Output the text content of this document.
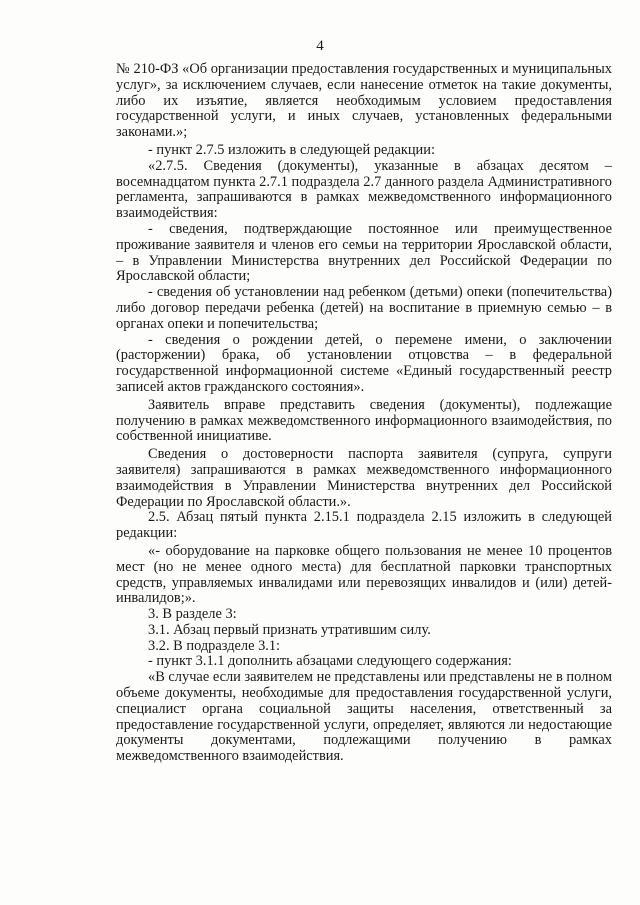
4

№ 210-ФЗ «Об организации предоставления государственных и муниципальных услуг», за исключением случаев, если нанесение отметок на такие документы, либо их изъятие, является необходимым условием предоставления государственной услуги, и иных случаев, установленных федеральными законами.»;

- пункт 2.7.5 изложить в следующей редакции:

«2.7.5. Сведения (документы), указанные в абзацах десятом – восемнадцатом пункта 2.7.1 подраздела 2.7 данного раздела Административного регламента, запрашиваются в рамках межведомственного информационного взаимодействия:

- сведения, подтверждающие постоянное или преимущественное проживание заявителя и членов его семьи на территории Ярославской области, – в Управлении Министерства внутренних дел Российской Федерации по Ярославской области;

- сведения об установлении над ребенком (детьми) опеки (попечительства) либо договор передачи ребенка (детей) на воспитание в приемную семью – в органах опеки и попечительства;

- сведения о рождении детей, о перемене имени, о заключении (расторжении) брака, об установлении отцовства – в федеральной государственной информационной системе «Единый государственный реестр записей актов гражданского состояния».

Заявитель вправе представить сведения (документы), подлежащие получению в рамках межведомственного информационного взаимодействия, по собственной инициативе.

Сведения о достоверности паспорта заявителя (супруга, супруги заявителя) запрашиваются в рамках межведомственного информационного взаимодействия в Управлении Министерства внутренних дел Российской Федерации по Ярославской области.».

2.5. Абзац пятый пункта 2.15.1 подраздела 2.15 изложить в следующей редакции:

«- оборудование на парковке общего пользования не менее 10 процентов мест (но не менее одного места) для бесплатной парковки транспортных средств, управляемых инвалидами или перевозящих инвалидов и (или) детей-инвалидов;».

3. В разделе 3:

3.1. Абзац первый признать утратившим силу.

3.2. В подразделе 3.1:

- пункт 3.1.1 дополнить абзацами следующего содержания:

«В случае если заявителем не представлены или представлены не в полном объеме документы, необходимые для предоставления государственной услуги, специалист органа социальной защиты населения, ответственный за предоставление государственной услуги, определяет, являются ли недостающие документы документами, подлежащими получению в рамках межведомственного взаимодействия.
